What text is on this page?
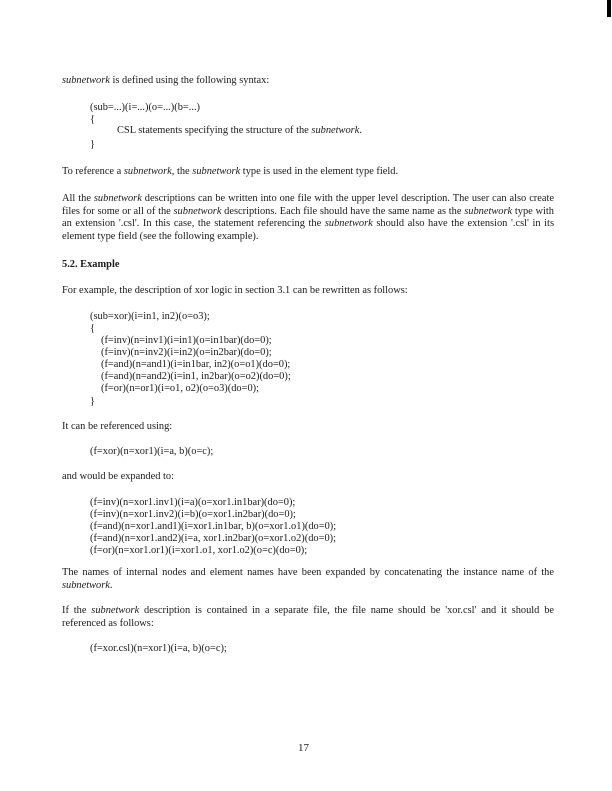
subnetwork is defined using the following syntax:
(sub=...)(i=...)(o=...)(b=...)
{
CSL statements specifying the structure of the subnetwork.
}
To reference a subnetwork, the subnetwork type is used in the element type field.
All the subnetwork descriptions can be written into one file with the upper level description. The user can also create files for some or all of the subnetwork descriptions. Each file should have the same name as the subnetwork type with an extension '.csl'. In this case, the statement referencing the subnetwork should also have the extension '.csl' in its element type field (see the following example).
5.2. Example
For example, the description of xor logic in section 3.1 can be rewritten as follows:
(sub=xor)(i=in1, in2)(o=o3);
{
(f=inv)(n=inv1)(i=in1)(o=in1bar)(do=0);
(f=inv)(n=inv2)(i=in2)(o=in2bar)(do=0);
(f=and)(n=and1)(i=in1bar, in2)(o=o1)(do=0);
(f=and)(n=and2)(i=in1, in2bar)(o=o2)(do=0);
(f=or)(n=or1)(i=o1, o2)(o=o3)(do=0);
}
It can be referenced using:
(f=xor)(n=xor1)(i=a, b)(o=c);
and would be expanded to:
(f=inv)(n=xor1.inv1)(i=a)(o=xor1.in1bar)(do=0);
(f=inv)(n=xor1.inv2)(i=b)(o=xor1.in2bar)(do=0);
(f=and)(n=xor1.and1)(i=xor1.in1bar, b)(o=xor1.o1)(do=0);
(f=and)(n=xor1.and2)(i=a, xor1.in2bar)(o=xor1.o2)(do=0);
(f=or)(n=xor1.or1)(i=xor1.o1, xor1.o2)(o=c)(do=0);
The names of internal nodes and element names have been expanded by concatenating the instance name of the subnetwork.
If the subnetwork description is contained in a separate file, the file name should be 'xor.csl' and it should be referenced as follows:
(f=xor.csl)(n=xor1)(i=a, b)(o=c);
17
